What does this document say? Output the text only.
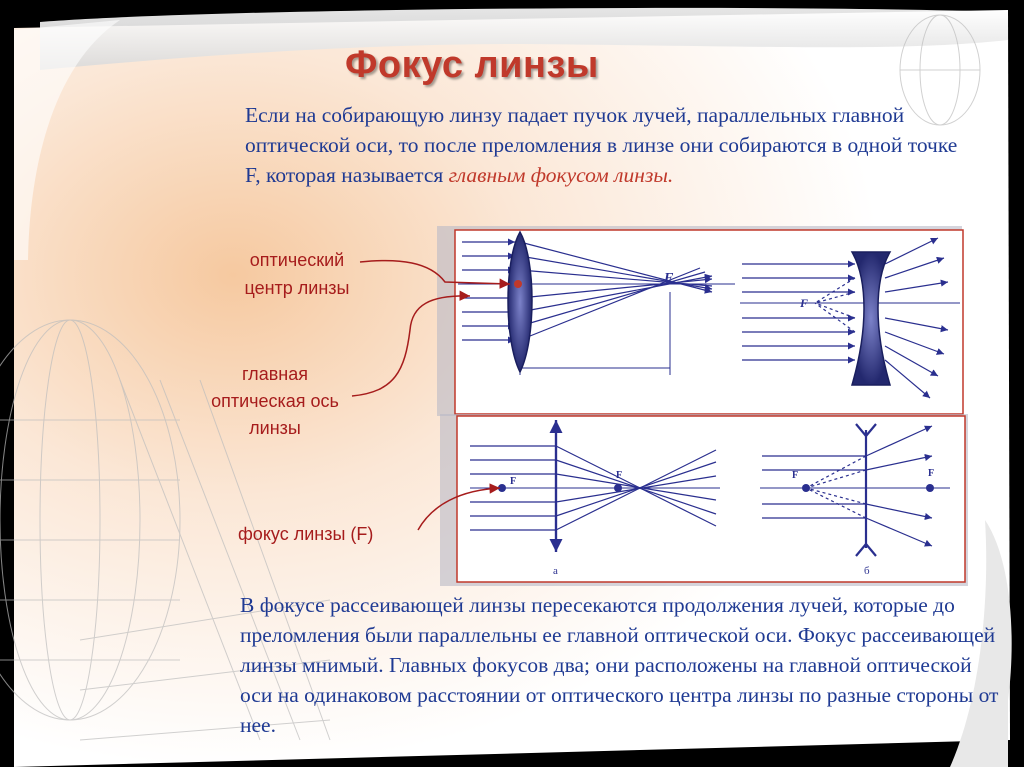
Фокус линзы

Если на собирающую линзу падает пучок лучей, параллельных главной оптической оси, то после преломления в линзе они собираются в одной точке F, которая называется главным фокусом линзы.

оптический
центр линзы
главная
оптическая ось
линзы
фокус линзы (F)
F
F
F
F
а
F	F
б

В фокусе рассеивающей линзы пересекаются продолжения лучей, которые до преломления были параллельны ее главной оптической оси. Фокус рассеивающей линзы мнимый. Главных фокусов два; они расположены на главной оптической оси на одинаковом расстоянии от оптического центра линзы по разные стороны от нее.
